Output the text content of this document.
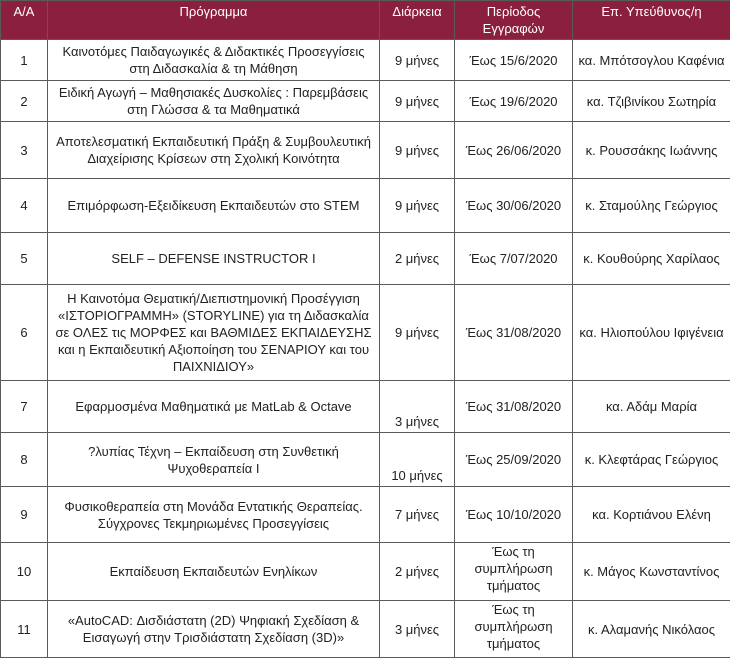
Α/Α	Πρόγραμμα	Διάρκεια	Περίοδος Εγγραφών	Επ. Υπεύθυνος/η
1	Καινοτόμες Παιδαγωγικές & Διδακτικές Προσεγγίσεις στη Διδασκαλία & τη Μάθηση	9 μήνες	Έως 15/6/2020	κα. Μπότσογλου Καφένια
2	Ειδική Αγωγή – Μαθησιακές Δυσκολίες : Παρεμβάσεις στη Γλώσσα & τα Μαθηματικά	9 μήνες	Έως 19/6/2020	κα. Τζιβινίκου Σωτηρία
3	Αποτελεσματική Εκπαιδευτική Πράξη & Συμβουλευτική Διαχείρισης Κρίσεων στη Σχολική Κοινότητα	9 μήνες	Έως 26/06/2020	κ. Ρουσσάκης Ιωάννης
4	Επιμόρφωση-Εξειδίκευση Εκπαιδευτών στο STEM	9 μήνες	Έως 30/06/2020	κ. Σταμούλης Γεώργιος
5	SELF – DEFENSE INSTRUCTOR I	2 μήνες	Έως 7/07/2020	κ. Κουθούρης Χαρίλαος
6	Η Καινοτόμα Θεματική/Διεπιστημονική Προσέγγιση «ΙΣΤΟΡΙΟΓΡΑΜΜΗ» (STORYLINE) για τη Διδασκαλία σε ΟΛΕΣ τις ΜΟΡΦΕΣ και ΒΑΘΜΙΔΕΣ ΕΚΠΑΙΔΕΥΣΗΣ και η Εκπαιδευτική Αξιοποίηση του ΣΕΝΑΡΙΟΥ και του ΠΑΙΧΝΙΔΙΟΥ»	9 μήνες	Έως 31/08/2020	κα. Ηλιοπούλου Ιφιγένεια
7	Εφαρμοσμένα Μαθηματικά με MatLab & Octave	3 μήνες	Έως 31/08/2020	κα. Αδάμ Μαρία
8	?λυπίας Τέχνη – Εκπαίδευση στη Συνθετική Ψυχοθεραπεία I	10 μήνες	Έως 25/09/2020	κ. Κλεφτάρας Γεώργιος
9	Φυσικοθεραπεία στη Μονάδα Εντατικής Θεραπείας. Σύγχρονες Τεκμηριωμένες Προσεγγίσεις	7 μήνες	Έως 10/10/2020	κα. Κορτιάνου Ελένη
10	Εκπαίδευση Εκπαιδευτών Ενηλίκων	2 μήνες	Έως τη συμπλήρωση τμήματος	κ. Μάγος Κωνσταντίνος
11	«AutoCAD: Δισδιάστατη (2D) Ψηφιακή Σχεδίαση & Εισαγωγή στην Τρισδιάστατη Σχεδίαση (3D)»	3 μήνες	Έως τη συμπλήρωση τμήματος	κ. Αλαμανής Νικόλαος
